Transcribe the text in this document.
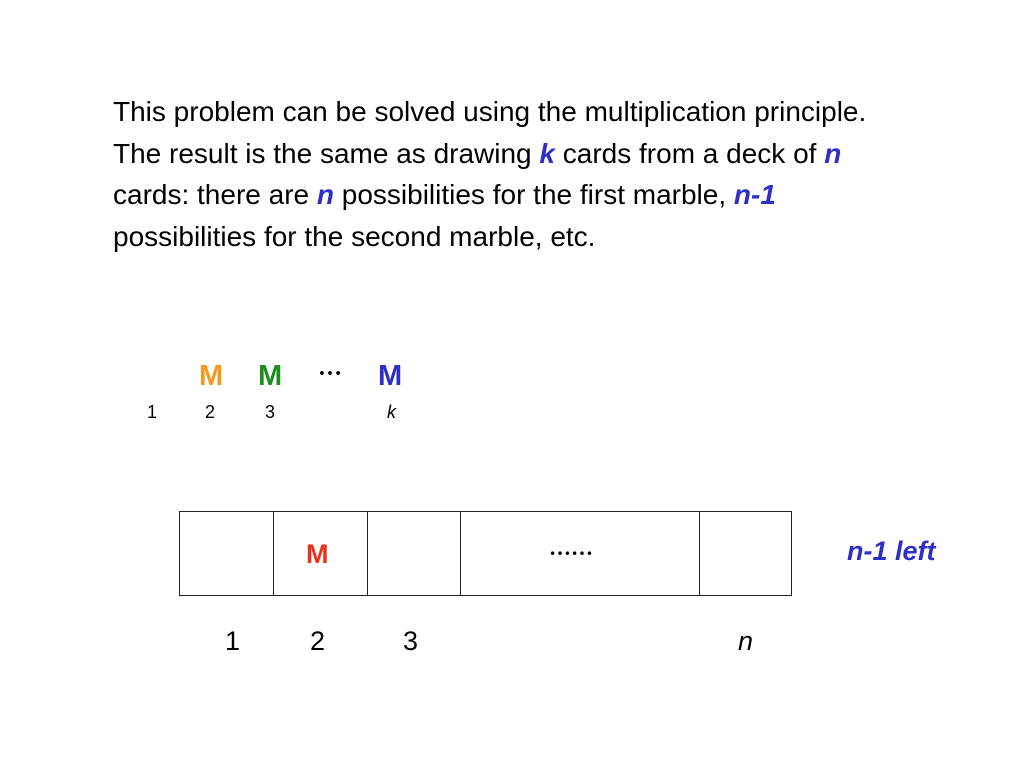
This problem can be solved using the multiplication principle. The result is the same as drawing k cards from a deck of n cards: there are n possibilities for the first marble, n-1 possibilities for the second marble, etc.

M M … M
1	2	3	k
M	……	n-1 left
1	2	3	n
